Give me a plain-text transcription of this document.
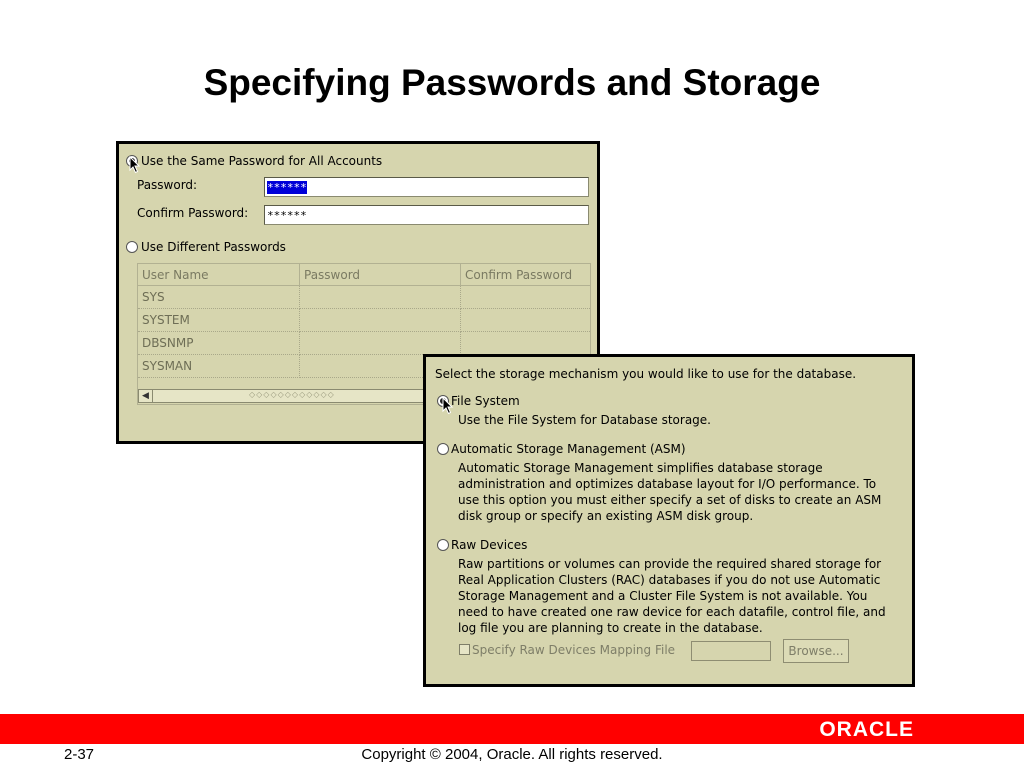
Specifying Passwords and Storage
Use the Same Password for All Accounts
Password:	******
Confirm Password: ******
Use Different Passwords
User Name	Password	Confirm Password
SYS
SYSTEM
DBSNMP
SYSMAN
◀	◇◇◇◇◇◇◇◇◇◇◇◇
Select the storage mechanism you would like to use for the database.
File System
Use the File System for Database storage.
Automatic Storage Management (ASM)
Automatic Storage Management simplifies database storage
administration and optimizes database layout for I/O performance. To
use this option you must either specify a set of disks to create an ASM
disk group or specify an existing ASM disk group.
Raw Devices
Raw partitions or volumes can provide the required shared storage for
Real Application Clusters (RAC) databases if you do not use Automatic
Storage Management and a Cluster File System is not available. You
need to have created one raw device for each datafile, control file, and
log file you are planning to create in the database.
Specify Raw Devices Mapping File	Browse...
ORACLE
2-37	Copyright © 2004, Oracle. All rights reserved.
